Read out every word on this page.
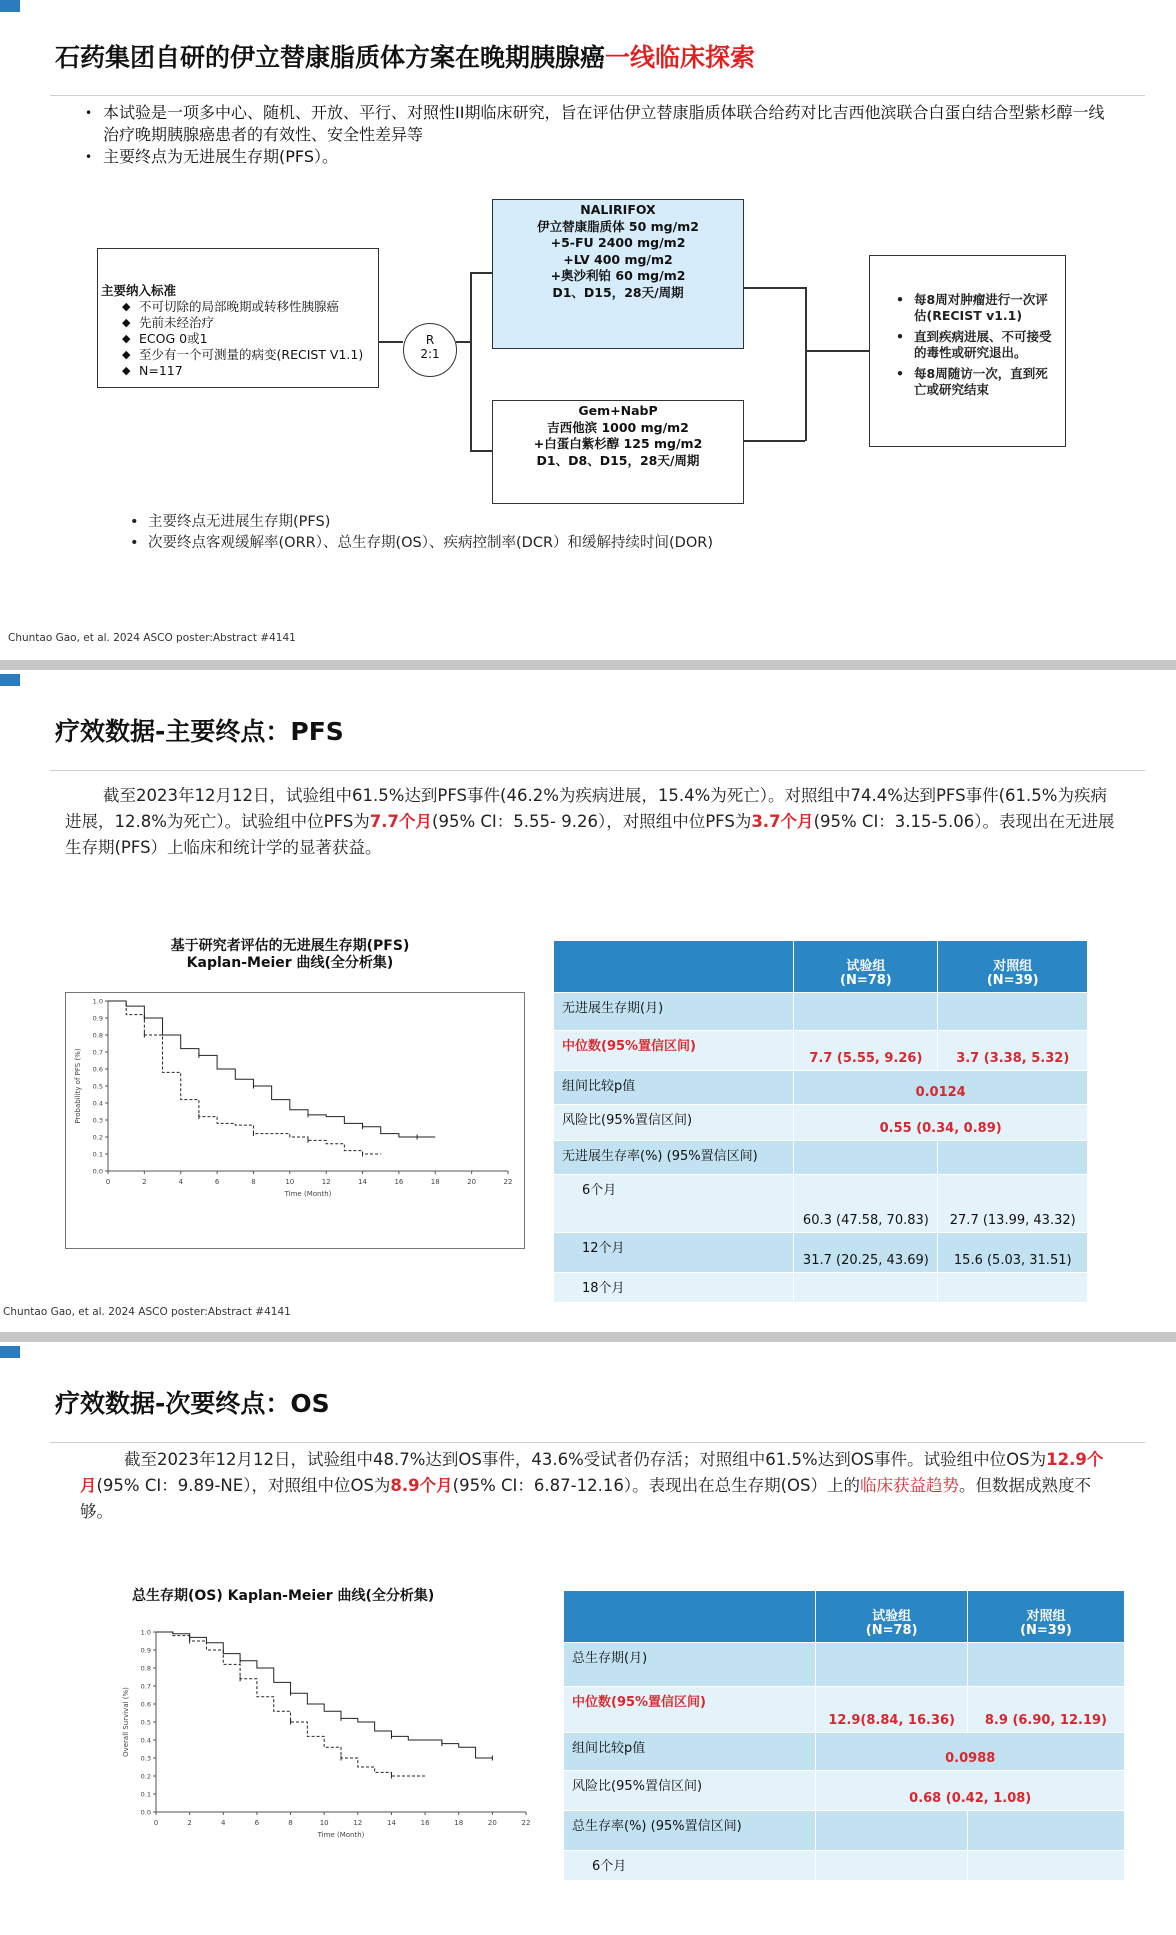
石药集团自研的伊立替康脂质体方案在晚期胰腺癌一线临床探索
• 本试验是一项多中心、随机、开放、平行、对照性II期临床研究，旨在评估伊立替康脂质体联合给药对比吉西他滨联合白蛋白结合型紫杉醇一线治疗晚期胰腺癌患者的有效性、安全性差异等
• 主要终点为无进展生存期(PFS）。
主要纳入标准
◆ 不可切除的局部晚期或转移性胰腺癌
◆ 先前未经治疗
◆ ECOG 0或1
◆ 至少有一个可测量的病变(RECIST V1.1)
◆ N=117
R
2:1
NALIRIFOX
伊立替康脂质体 50 mg/m2
+5-FU 2400 mg/m2
+LV 400 mg/m2
+奥沙利铂 60 mg/m2
D1、D15，28天/周期
Gem+NabP
吉西他滨 1000 mg/m2
+白蛋白紫杉醇 125 mg/m2
D1、D8、D15，28天/周期
• 每8周对肿瘤进行一次评估(RECIST v1.1)
• 直到疾病进展、不可接受的毒性或研究退出。
• 每8周随访一次，直到死亡或研究结束
• 主要终点无进展生存期(PFS)
• 次要终点客观缓解率(ORR）、总生存期(OS）、疾病控制率(DCR）和缓解持续时间(DOR)
Chuntao Gao, et al. 2024 ASCO poster:Abstract #4141
疗效数据-主要终点：PFS
截至2023年12月12日，试验组中61.5%达到PFS事件(46.2%为疾病进展，15.4%为死亡）。对照组中74.4%达到PFS事件(61.5%为疾病进展，12.8%为死亡）。试验组中位PFS为7.7个月(95% CI：5.55- 9.26），对照组中位PFS为3.7个月(95% CI：3.15-5.06）。表现出在无进展生存期(PFS）上临床和统计学的显著获益。
基于研究者评估的无进展生存期(PFS)
Kaplan-Meier 曲线(全分析集)
0	2	4	6	8	10	12	14	16	18	20	22
0.0
0.1
0.2
0.3
0.4
0.5
0.6
0.7
0.8
0.9
1.0
Time (Month)
Probability of PFS (%)
	试验组
(N=78)	对照组
(N=39)
无进展生存期(月)		
中位数(95%置信区间)	7.7 (5.55, 9.26)	3.7 (3.38, 5.32)
组间比较p值	0.0124	
风险比(95%置信区间)	0.55 (0.34, 0.89)	
无进展生存率(%) (95%置信区间)		
6个月	60.3 (47.58, 70.83)	27.7 (13.99, 43.32)
12个月	31.7 (20.25, 43.69)	15.6 (5.03, 31.51)
18个月		
Chuntao Gao, et al. 2024 ASCO poster:Abstract #4141
疗效数据-次要终点：OS
截至2023年12月12日，试验组中48.7%达到OS事件，43.6%受试者仍存活；对照组中61.5%达到OS事件。试验组中位OS为12.9个月(95% CI：9.89-NE），对照组中位OS为8.9个月(95% CI：6.87-12.16）。表现出在总生存期(OS）上的临床获益趋势。但数据成熟度不够。
总生存期(OS) Kaplan-Meier 曲线(全分析集)
0	2	4	6	8	10	12	14	16	18	20	22
0.0
0.1
0.2
0.3
0.4
0.5
0.6
0.7
0.8
0.9
1.0
Time (Month)
Overall Survival (%)
	试验组
(N=78)	对照组
(N=39)
总生存期(月)		
中位数(95%置信区间)	12.9(8.84, 16.36)	8.9 (6.90, 12.19)
组间比较p值	0.0988	
风险比(95%置信区间)	0.68 (0.42, 1.08)	
总生存率(%) (95%置信区间)		
6个月		
